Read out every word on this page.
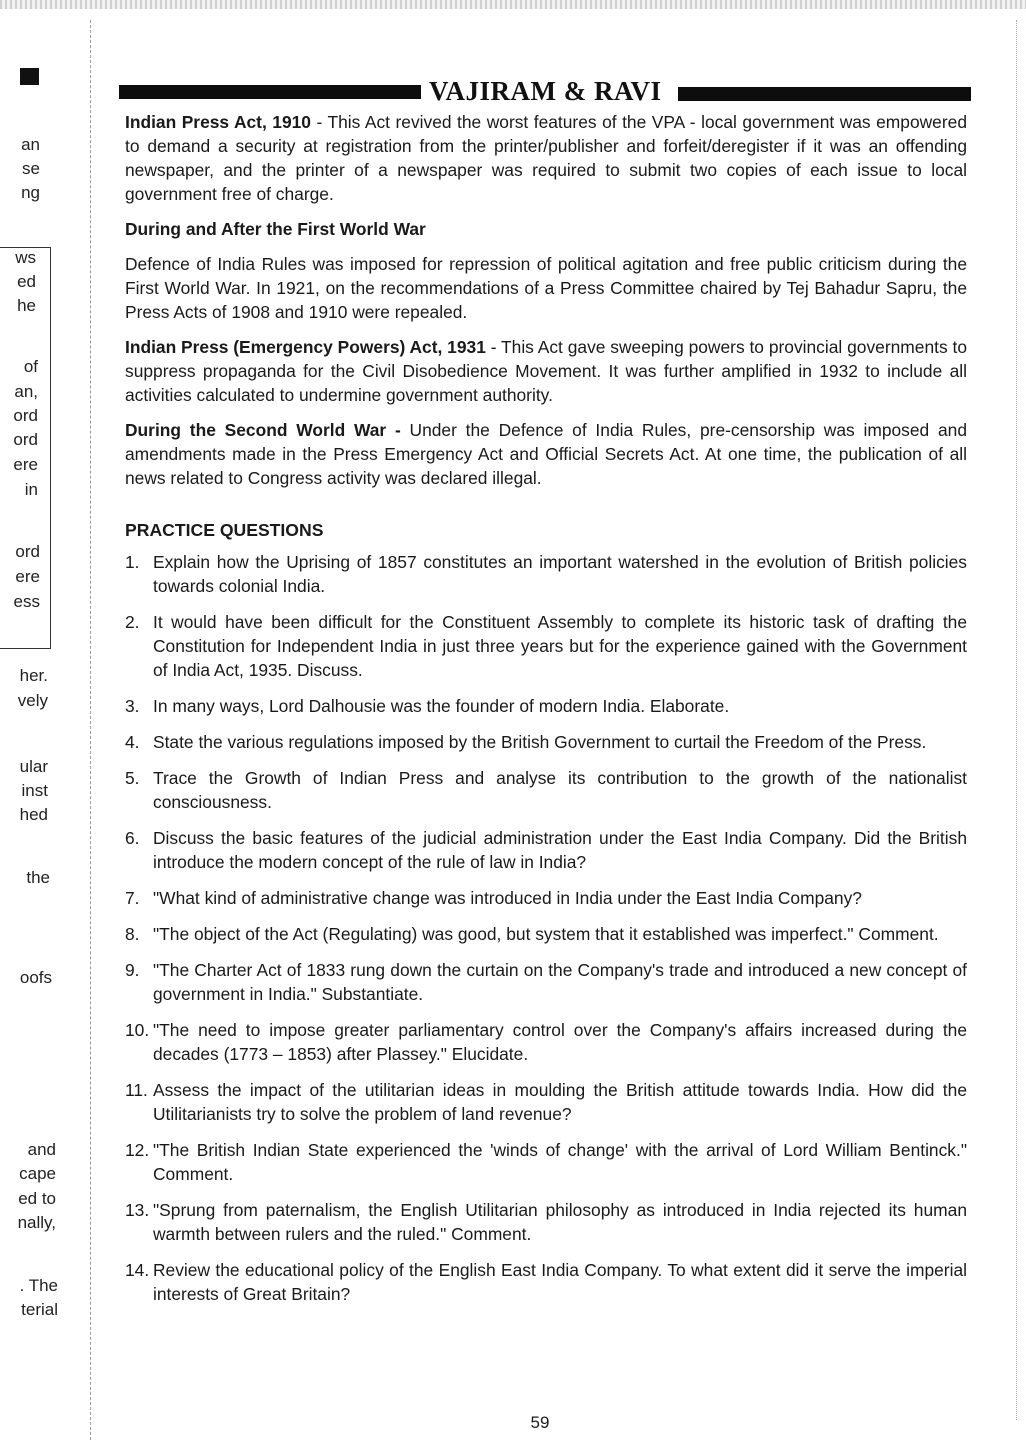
an
se
ng
ws
ed
he
of
an,
ord
ord
ere
in
ord
ere
ess
her.
vely
ular
inst
hed
the
oofs
and
cape
ed to
nally,
. The
terial
VAJIRAM & RAVI

Indian Press Act, 1910 - This Act revived the worst features of the VPA - local government was empowered to demand a security at registration from the printer/publisher and forfeit/deregister if it was an offending newspaper, and the printer of a newspaper was required to submit two copies of each issue to local government free of charge.

During and After the First World War

Defence of India Rules was imposed for repression of political agitation and free public criticism during the First World War. In 1921, on the recommendations of a Press Committee chaired by Tej Bahadur Sapru, the Press Acts of 1908 and 1910 were repealed.

Indian Press (Emergency Powers) Act, 1931 - This Act gave sweeping powers to provincial governments to suppress propaganda for the Civil Disobedience Movement. It was further amplified in 1932 to include all activities calculated to undermine government authority.

During the Second World War - Under the Defence of India Rules, pre-censorship was imposed and amendments made in the Press Emergency Act and Official Secrets Act. At one time, the publication of all news related to Congress activity was declared illegal.

PRACTICE QUESTIONS
1. Explain how the Uprising of 1857 constitutes an important watershed in the evolution of British policies towards colonial India.
2. It would have been difficult for the Constituent Assembly to complete its historic task of drafting the Constitution for Independent India in just three years but for the experience gained with the Government of India Act, 1935. Discuss.
3. In many ways, Lord Dalhousie was the founder of modern India. Elaborate.
4. State the various regulations imposed by the British Government to curtail the Freedom of the Press.
5. Trace the Growth of Indian Press and analyse its contribution to the growth of the nationalist consciousness.
6. Discuss the basic features of the judicial administration under the East India Company. Did the British introduce the modern concept of the rule of law in India?
7. "What kind of administrative change was introduced in India under the East India Company?
8. "The object of the Act (Regulating) was good, but system that it established was imperfect." Comment.
9. "The Charter Act of 1833 rung down the curtain on the Company's trade and introduced a new concept of government in India." Substantiate.
10. "The need to impose greater parliamentary control over the Company's affairs increased during the decades (1773 – 1853) after Plassey." Elucidate.
11. Assess the impact of the utilitarian ideas in moulding the British attitude towards India. How did the Utilitarianists try to solve the problem of land revenue?
12. "The British Indian State experienced the 'winds of change' with the arrival of Lord William Bentinck." Comment.
13. "Sprung from paternalism, the English Utilitarian philosophy as introduced in India rejected its human warmth between rulers and the ruled." Comment.
14. Review the educational policy of the English East India Company. To what extent did it serve the imperial interests of Great Britain?
59
